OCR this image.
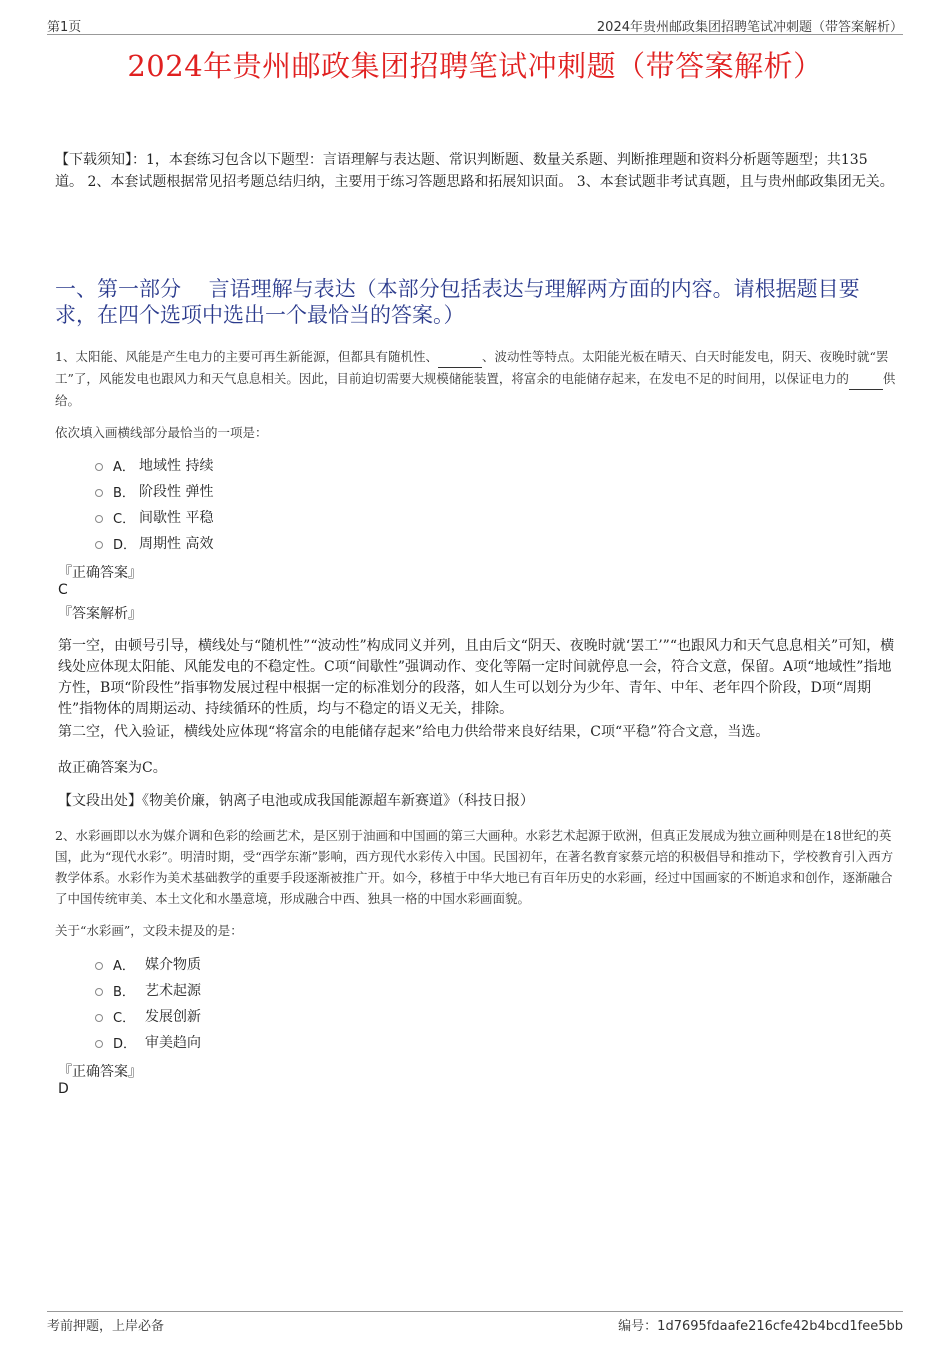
第1页	2024年贵州邮政集团招聘笔试冲刺题（带答案解析）
2024年贵州邮政集团招聘笔试冲刺题（带答案解析）
【下载须知】：1，本套练习包含以下题型：言语理解与表达题、常识判断题、数量关系题、判断推理题和资料分析题等题型；共135道。 2、本套试题根据常见招考题总结归纳，主要用于练习答题思路和拓展知识面。 3、本套试题非考试真题，且与贵州邮政集团无关。
一、第一部分　 言语理解与表达（本部分包括表达与理解两方面的内容。请根据题目要求，在四个选项中选出一个最恰当的答案。）
1、太阳能、风能是产生电力的主要可再生新能源，但都具有随机性、	、波动性等特点。太阳能光板在晴天、白天时能发电，阴天、夜晚时就“罢工”了，风能发电也跟风力和天气息息相关。因此，目前迫切需要大规模储能装置，将富余的电能储存起来，在发电不足的时间用，以保证电力的	供给。
依次填入画横线部分最恰当的一项是：
A． 地域性 持续
B． 阶段性 弹性
C． 间歇性 平稳
D． 周期性 高效
『正确答案』
C
『答案解析』
第一空，由顿号引导，横线处与“随机性”“波动性”构成同义并列，且由后文“阴天、夜晚时就‘罢工’”“也跟风力和天气息息相关”可知，横线处应体现太阳能、风能发电的不稳定性。C项“间歇性”强调动作、变化等隔一定时间就停息一会，符合文意，保留。A项“地域性”指地方性，B项“阶段性”指事物发展过程中根据一定的标准划分的段落，如人生可以划分为少年、青年、中年、老年四个阶段，D项“周期性”指物体的周期运动、持续循环的性质，均与不稳定的语义无关，排除。
第二空，代入验证，横线处应体现“将富余的电能储存起来”给电力供给带来良好结果，C项“平稳”符合文意，当选。
故正确答案为C。
【文段出处】《物美价廉，钠离子电池或成我国能源超车新赛道》（科技日报）
2、水彩画即以水为媒介调和色彩的绘画艺术，是区别于油画和中国画的第三大画种。水彩艺术起源于欧洲，但真正发展成为独立画种则是在18世纪的英国，此为“现代水彩”。明清时期，受“西学东渐”影响，西方现代水彩传入中国。民国初年，在著名教育家蔡元培的积极倡导和推动下，学校教育引入西方教学体系。水彩作为美术基础教学的重要手段逐渐被推广开。如今，移植于中华大地已有百年历史的水彩画，经过中国画家的不断追求和创作，逐渐融合了中国传统审美、本土文化和水墨意境，形成融合中西、独具一格的中国水彩画面貌。
关于“水彩画”，文段未提及的是：
A． 媒介物质
B． 艺术起源
C． 发展创新
D． 审美趋向
『正确答案』
D
考前押题，上岸必备	编号：1d7695fdaafe216cfe42b4bcd1fee5bb
